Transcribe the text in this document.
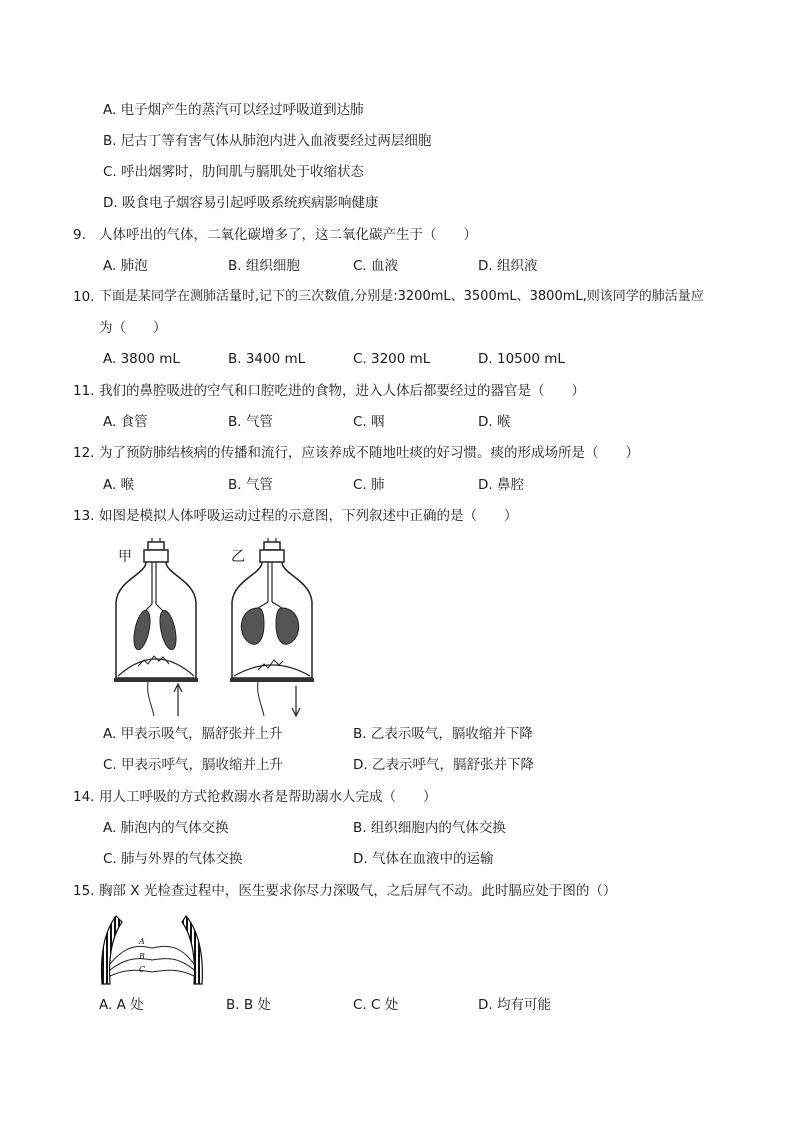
A. 电子烟产生的蒸汽可以经过呼吸道到达肺
B. 尼古丁等有害气体从肺泡内进入血液要经过两层细胞
C. 呼出烟雾时，肋间肌与膈肌处于收缩状态
D. 吸食电子烟容易引起呼吸系统疾病影响健康
9. 人体呼出的气体，二氧化碳增多了，这二氧化碳产生于（　　）
A. 肺泡	B. 组织细胞	C. 血液	D. 组织液
10. 下面是某同学在测肺活量时,记下的三次数值,分别是:3200mL、3500mL、3800mL,则该同学的肺活量应
为（　　）
A. 3800 mL	B. 3400 mL	C. 3200 mL	D. 10500 mL
11. 我们的鼻腔吸进的空气和口腔吃进的食物，进入人体后都要经过的器官是（　　）
A. 食管	B. 气管	C. 咽	D. 喉
12. 为了预防肺结核病的传播和流行，应该养成不随地吐痰的好习惯。痰的形成场所是（　　）
A. 喉	B. 气管	C. 肺	D. 鼻腔
13. 如图是模拟人体呼吸运动过程的示意图，下列叙述中正确的是（　　）
甲	乙
A. 甲表示吸气，膈舒张并上升	B. 乙表示吸气，膈收缩并下降
C. 甲表示呼气，膈收缩并上升	D. 乙表示呼气，膈舒张并下降
14. 用人工呼吸的方式抢救溺水者是帮助溺水人完成（　　）
A. 肺泡内的气体交换	B. 组织细胞内的气体交换
C. 肺与外界的气体交换	D. 气体在血液中的运输
15. 胸部 X 光检查过程中，医生要求你尽力深吸气，之后屏气不动。此时膈应处于图的（）
A
B
C
A. A 处	B. B 处	C. C 处	D. 均有可能
